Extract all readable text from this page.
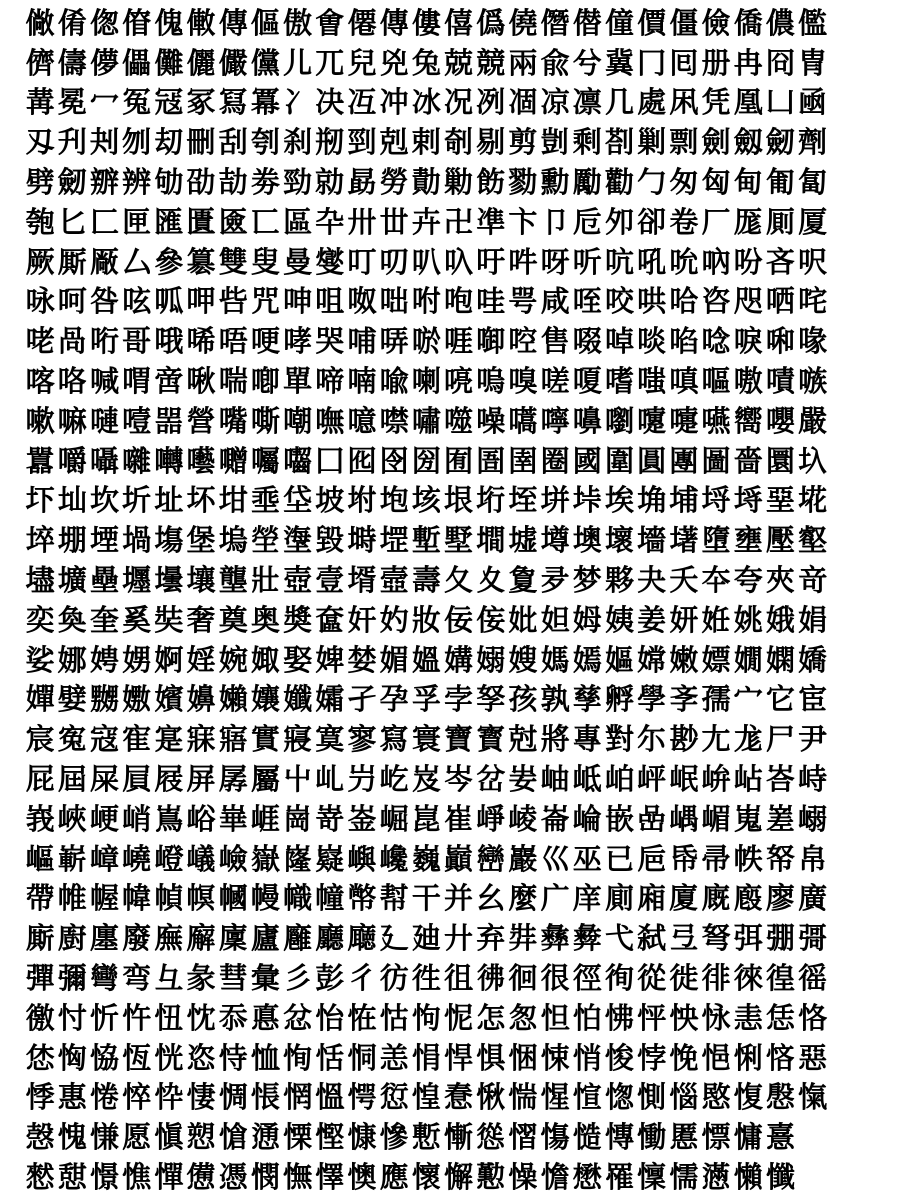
僘 倄 偬 傄 傀 僌 傳 傴 傲 㑹 僊 傳 僂 僖 僞 僥 僭 僣 僮 價 僵 儉 僑 儂 儖
儕 儔 儚 儡 儺 儷 儼 儻 儿 兀 兒 兇 兔 兢 競 兩 兪 兮 冀 冂 囘 册 冉 冏 冑
冓 冕 冖 冤 冦 冢 冩 冪 冫 决 冱 冲 冰 况 冽 凅 凉 凛 几 處 凩 凭 凰 凵 凾
刄 刋 刔 刎 刧 刪 刮 刳 刹 剏 剄 剋 剌 剞 剔 剪 剴 剩 剳 剿 剽 劍 劔 劒 劑
劈 劒 辧 辨 劬 劭 劼 劵 勁 勍 勗 勞 勣 勦 飭 勠 勳 勵 勸 勹 匆 匈 甸 匍 匐
匏 匕 匚 匣 匯 匱 匳 匸 區 卆 卅 丗 卉 卍 凖 卞 卩 卮 夘 卻 卷 厂 厖 厠 厦
厥 厮 厰 厶 參 簒 雙 叟 曼 燮 叮 叨 叭 叺 吁 吽 呀 听 吭 吼 吮 吶 吩 吝 呎
咏 呵 咎 呟 呱 呷 呰 咒 呻 咀 呶 咄 咐 咆 哇 咢 咸 咥 咬 哄 哈 咨 咫 哂 咤
咾 咼 哘 哥 哦 唏 唔 哽 哮 哭 哺 哢 唹 啀 啣 啌 售 啜 啅 啖 啗 唸 唳 啝 喙
喀 咯 喊 喟 啻 啾 喘 喞 單 啼 喃 喩 喇 喨 嗚 嗅 嗟 嗄 嗜 嗤 嗔 嘔 嗷 嘖 嗾
嗽 嘛 嗹 噎 噐 營 嘴 嘶 嘲 嘸 噫 噤 嘯 噬 噪 嚆 嚀 嚊 嚠 嚔 嚏 嚥 嚮 嚶 嚴
囂 嚼 囁 囃 囀 囈 囎 囑 囓 囗 囮 囹 圀 囿 圄 圉 圈 國 圍 圓 團 圖 嗇 圜 圦
圷 圸 坎 圻 址 坏 坩 埀 垈 坡 坿 垉 垓 垠 垳 垤 垪 垰 埃 埆 埔 埒 埓 堊 埖
埣 堋 堙 堝 塲 堡 塢 塋 塰 毀 塒 堽 塹 墅 墹 墟 墫 墺 壞 墻 墸 墮 壅 壓 壑
壗 壙 壘 壥 壜 壤 壟 壯 壺 壹 壻 壼 壽 夂 夊 夐 夛 梦 夥 夬 夭 夲 夸 夾 竒
奕 奐 奎 奚 奘 奢 奠 奥 奬 奩 奸 妁 妝 佞 侫 妣 妲 姆 姨 姜 妍 姙 姚 娥 娟
娑 娜 娉 娚 婀 婬 婉 娵 娶 婢 婪 媚 媼 媾 嫋 嫂 媽 嫣 嫗 嫦 嫩 嫖 嫺 嫻 嬌
嬋 嬖 嬲 嫐 嬪 嬶 嬾 孃 孅 孀 孑 孕 孚 孛 孥 孩 孰 孳 孵 學 斈 孺 宀 它 宦
宸 寃 寇 寉 寔 寐 寤 實 寢 寞 寥 寫 寰 寶 寳 尅 將 專 對 尓 尠 尢 尨 尸 尹
屁 屆 屎 屓 屐 屏 孱 屬 屮 乢 屶 屹 岌 岑 岔 妛 岫 岻 岶 岼 岷 峅 岾 峇 峙
峩 峽 峺 峭 嶌 峪 崋 崕 崗 嵜 崟 崛 崑 崔 崢 崚 崙 崘 嵌 嵒 嵎 嵋 嵬 嵳 嵶
嶇 嶄 嶂 嶢 嶝 嶬 嶮 嶽 嶐 嶷 嶼 巉 巍 巓 巒 巖 巛 巫 已 巵 帋 帚 帙 帑 帛
帶 帷 幄 幃 幀 幎 幗 幔 幟 幢 幤 幇 干 并 幺 麼 广 庠 廁 廂 廈 廐 廏 廖 廣
廝 廚 廛 廢 廡 廨 廩 廬 廱 廳 廰 廴 廸 廾 弃 弉 彝 彜 弋 弑 弖 弩 弭 弸 彁
彈 彌 彎 弯 彑 彖 彗 彙 彡 彭 彳 彷 徃 徂 彿 徊 很 徑 徇 從 徙 徘 徠 徨 徭
徼 忖 忻 忤 忸 忱 忝 悳 忿 怡 恠 怙 怐 怩 怎 怱 怛 怕 怫 怦 怏 怺 恚 恁 恪
恷 恟 恊 恆 恍 恣 恃 恤 恂 恬 恫 恙 悁 悍 惧 悃 悚 悄 悛 悖 悗 悒 悧 悋 惡
悸 惠 惓 悴 忰 悽 惆 悵 惘 慍 愕 愆 惶 惷 愀 惴 惺 愃 愡 惻 惱 愍 愎 慇 愾
愨 愧 慊 愿 愼 愬 愴 慂 慄 慳 慷 慘 慙 慚 慫 慴 慯 慥 慱 慟 慝 慓 慵 憙
憖 憇 憬 憔 憚 憊 憑 憫 憮 懌 懊 應 懷 懈 懃 懆 憺 懋 罹 懍 懦 懣 懶 懺
